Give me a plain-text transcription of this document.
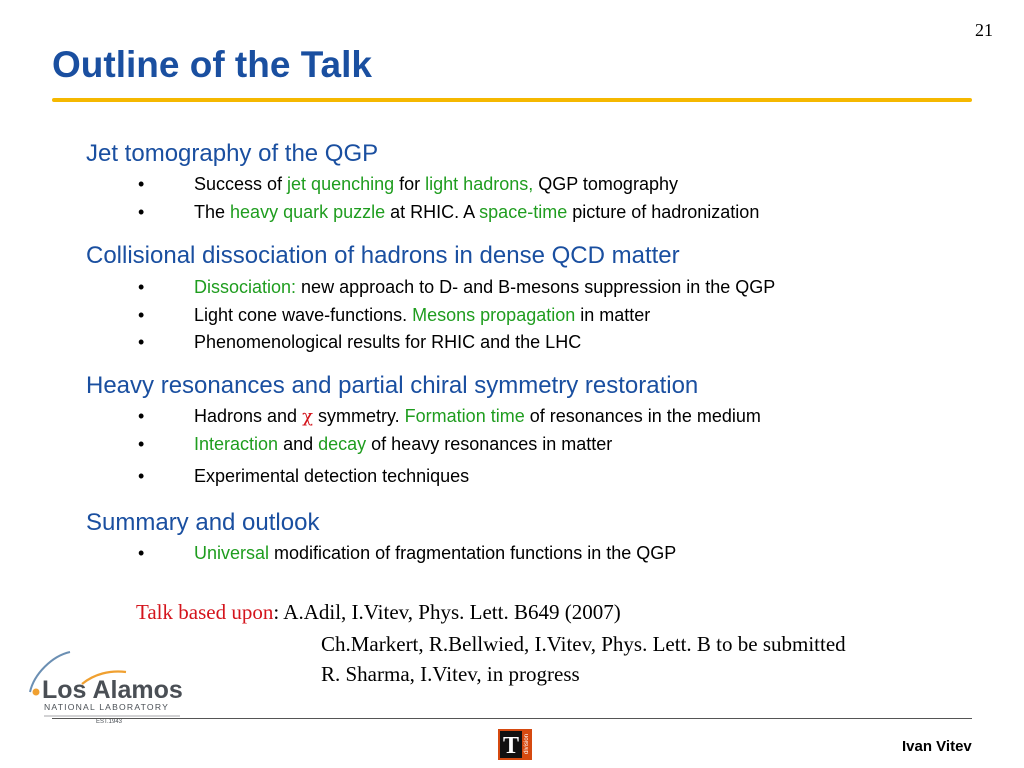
21
Outline of the Talk
Jet tomography of the QGP
•	Success of jet quenching for light hadrons, QGP tomography
•	The heavy quark puzzle at RHIC. A space-time picture of hadronization
Collisional dissociation of hadrons in dense QCD matter
•	Dissociation: new approach to D- and B-mesons suppression in the QGP
•	Light cone wave-functions. Mesons propagation in matter
•	Phenomenological results for RHIC and the LHC
Heavy resonances and partial chiral symmetry restoration
•	Hadrons and χ symmetry. Formation time of resonances in the medium
•	Interaction and decay of heavy resonances in matter
•	Experimental detection techniques
Summary and outlook
•	Universal modification of fragmentation functions in the QGP
Talk based upon: A.Adil, I.Vitev, Phys. Lett. B649 (2007)
Ch.Markert, R.Bellwied, I.Vitev, Phys. Lett. B to be submitted
R. Sharma, I.Vitev, in progress
Los Alamos
NATIONAL LABORATORY
EST.1943
T division	Ivan Vitev
